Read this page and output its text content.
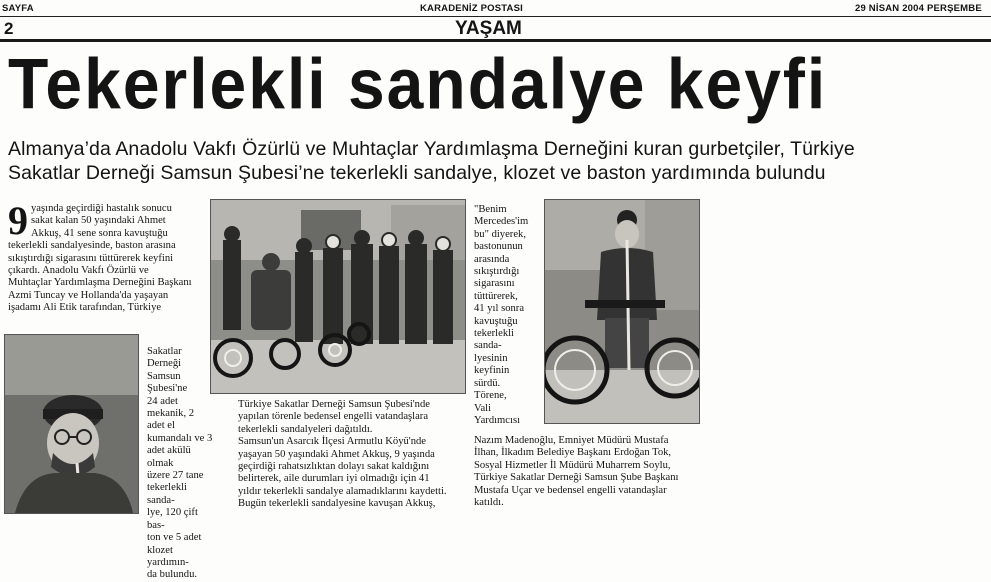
SAYFA	KARADENİZ POSTASI	29 NİSAN 2004 PERŞEMBE
2	YAŞAM
Tekerlekli sandalye keyfi
Almanya’da Anadolu Vakfı Özürlü ve Muhtaçlar Yardımlaşma Derneğini kuran gurbetçiler, Türkiye
Sakatlar Derneği Samsun Şubesi’ne tekerlekli sandalye, klozet ve baston yardımında bulundu
9 yaşında geçirdiği hastalık sonucu

sakat kalan 50 yaşındaki Ahmet

Akkuş, 41 sene sonra kavuştuğu

tekerlekli sandalyesinde, baston arasına

sıkıştırdığı sigarasını tüttürerek keyfini

çıkardı. Anadolu Vakfı Özürlü ve

Muhtaçlar Yardımlaşma Derneğini Başkanı

Azmi Tuncay ve Hollanda'da yaşayan

işadamı Ali Etik tarafından, Türkiye

Sakatlar

Derneği

Samsun

Şubesi'ne

24 adet

mekanik, 2

adet el

kumandalı ve 3

adet akülü olmak

üzere 27 tane

tekerlekli sanda-

lye, 120 çift bas-

ton ve 5 adet

klozet yardımın-

da bulundu.

Türkiye Sakatlar Derneği Samsun Şubesi'nde

yapılan törenle bedensel engelli vatandaşlara

tekerlekli sandalyeleri dağıtıldı.

Samsun'un Asarcık İlçesi Armutlu Köyü'nde

yaşayan 50 yaşındaki Ahmet Akkuş, 9 yaşında

geçirdiği rahatsızlıktan dolayı sakat kaldığını

belirterek, aile durumları iyi olmadığı için 41

yıldır tekerlekli sandalye alamadıklarını kaydetti.

Bugün tekerlekli sandalyesine kavuşan Akkuş,

"Benim

Mercedes'im

bu" diyerek,

bastonunun

arasında

sıkıştırdığı

sigarasını

tüttürerek,

41 yıl sonra

kavuştuğu

tekerlekli

sanda-

lyesinin

keyfinin

sürdü.

Törene,

Vali

Yardımcısı

Nazım Madenoğlu, Emniyet Müdürü Mustafa

İlhan, İlkadım Belediye Başkanı Erdoğan Tok,

Sosyal Hizmetler İl Müdürü Muharrem Soylu,

Türkiye Sakatlar Derneği Samsun Şube Başkanı

Mustafa Uçar ve bedensel engelli vatandaşlar

katıldı.
